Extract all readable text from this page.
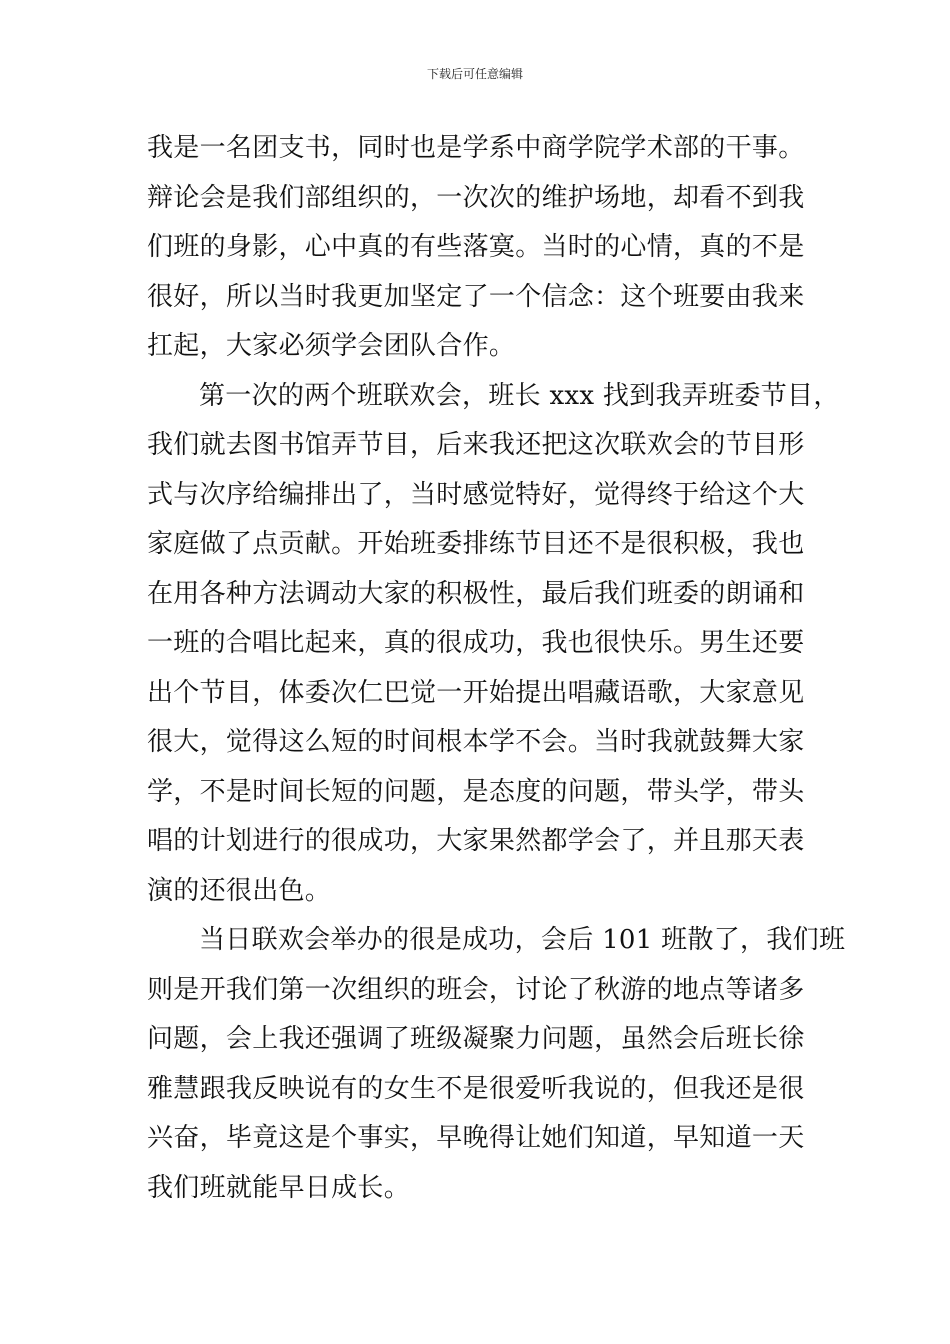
下载后可任意编辑
我是一名团支书，同时也是学系中商学院学术部的干事。
辩论会是我们部组织的，一次次的维护场地，却看不到我
们班的身影，心中真的有些落寞。当时的心情，真的不是
很好，所以当时我更加坚定了一个信念：这个班要由我来
扛起，大家必须学会团队合作。
第一次的两个班联欢会，班长 xxx 找到我弄班委节目，
我们就去图书馆弄节目，后来我还把这次联欢会的节目形
式与次序给编排出了，当时感觉特好，觉得终于给这个大
家庭做了点贡献。开始班委排练节目还不是很积极，我也
在用各种方法调动大家的积极性，最后我们班委的朗诵和
一班的合唱比起来，真的很成功，我也很快乐。男生还要
出个节目，体委次仁巴觉一开始提出唱藏语歌，大家意见
很大，觉得这么短的时间根本学不会。当时我就鼓舞大家
学，不是时间长短的问题，是态度的问题，带头学，带头
唱的计划进行的很成功，大家果然都学会了，并且那天表
演的还很出色。
当日联欢会举办的很是成功，会后 101 班散了，我们班
则是开我们第一次组织的班会，讨论了秋游的地点等诸多
问题，会上我还强调了班级凝聚力问题，虽然会后班长徐
雅慧跟我反映说有的女生不是很爱听我说的，但我还是很
兴奋，毕竟这是个事实，早晚得让她们知道，早知道一天
我们班就能早日成长。
